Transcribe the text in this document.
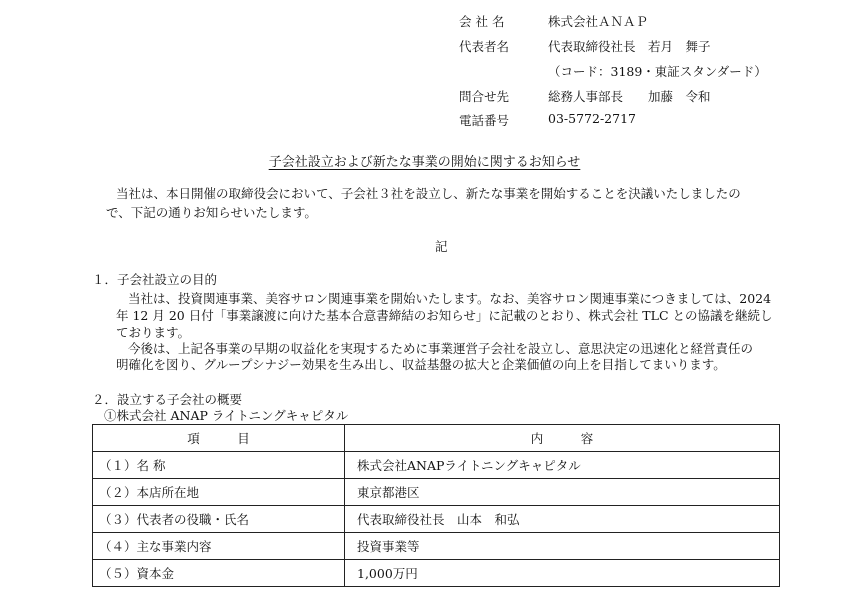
会 社 名	株式会社ＡＮＡＰ
代表者名	代表取締役社長　若月　舞子
（コード：3189・東証スタンダード）
問合せ先	総務人事部長　　加藤　令和
電話番号	03-5772-2717
子会社設立および新たな事業の開始に関するお知らせ
当社は、本日開催の取締役会において、子会社３社を設立し、新たな事業を開始することを決議いたしましたの
で、下記の通りお知らせいたします。
記
１．子会社設立の目的
当社は、投資関連事業、美容サロン関連事業を開始いたします。なお、美容サロン関連事業につきましては、2024
年 12 月 20 日付「事業譲渡に向けた基本合意書締結のお知らせ」に記載のとおり、株式会社 TLC との協議を継続し
ております。
今後は、上記各事業の早期の収益化を実現するために事業運営子会社を設立し、意思決定の迅速化と経営責任の
明確化を図り、グループシナジー効果を生み出し、収益基盤の拡大と企業価値の向上を目指してまいります。
２．設立する子会社の概要
①株式会社 ANAP ライトニングキャピタル
項　　　目	内　　　容
（１）名 称	株式会社ANAPライトニングキャピタル
（２）本店所在地	東京都港区
（３）代表者の役職・氏名	代表取締役社長　山本　和弘
（４）主な事業内容	投資事業等
（５）資本金	1,000万円
